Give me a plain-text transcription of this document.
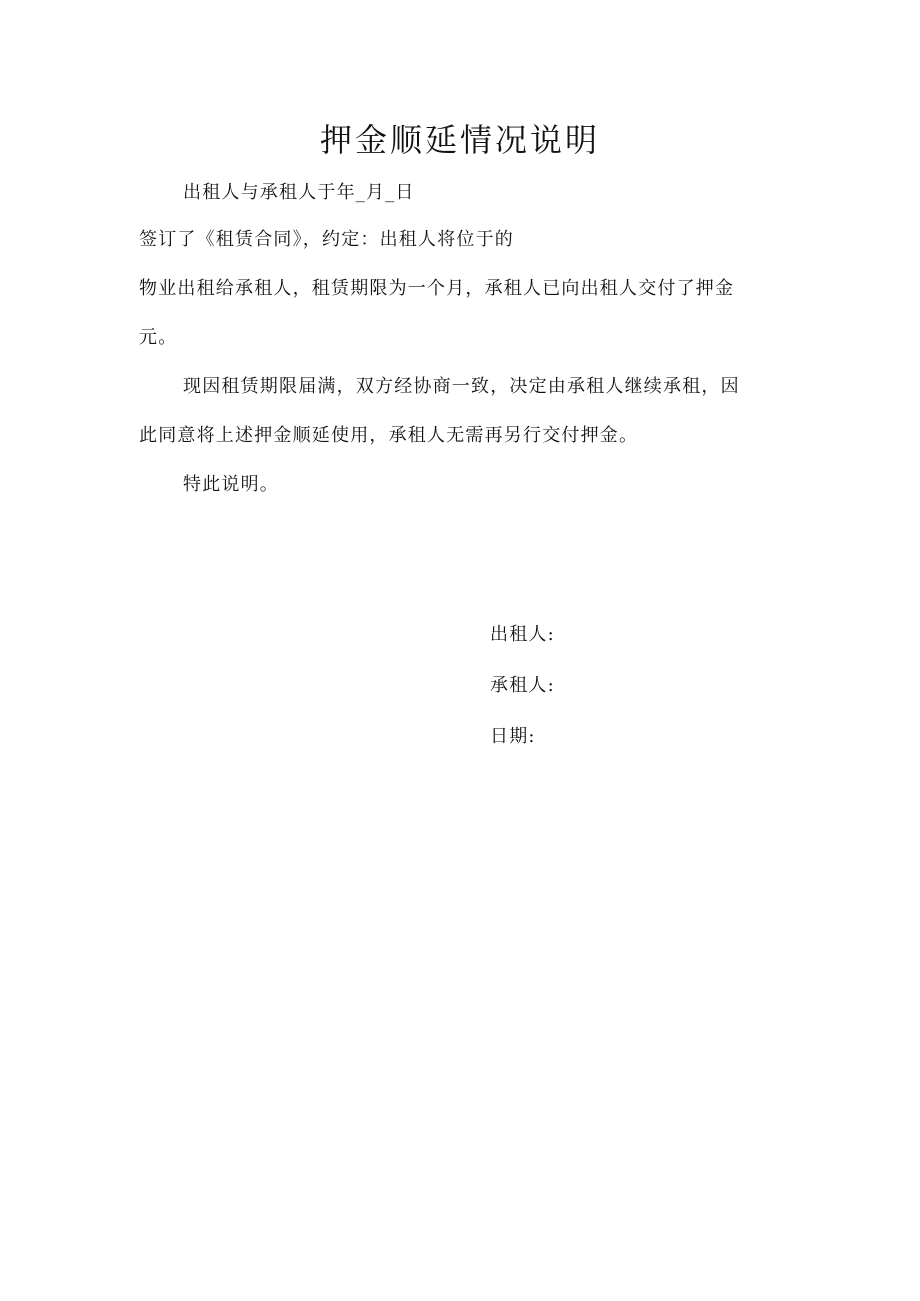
押金顺延情况说明

出租人与承租人于年_月_日

签订了《租赁合同》，约定：出租人将位于的

物业出租给承租人，租赁期限为一个月，承租人已向出租人交付了押金

元。

现因租赁期限届满，双方经协商一致，决定由承租人继续承租，因

此同意将上述押金顺延使用，承租人无需再另行交付押金。

特此说明。

出租人:

承租人:

日期:
